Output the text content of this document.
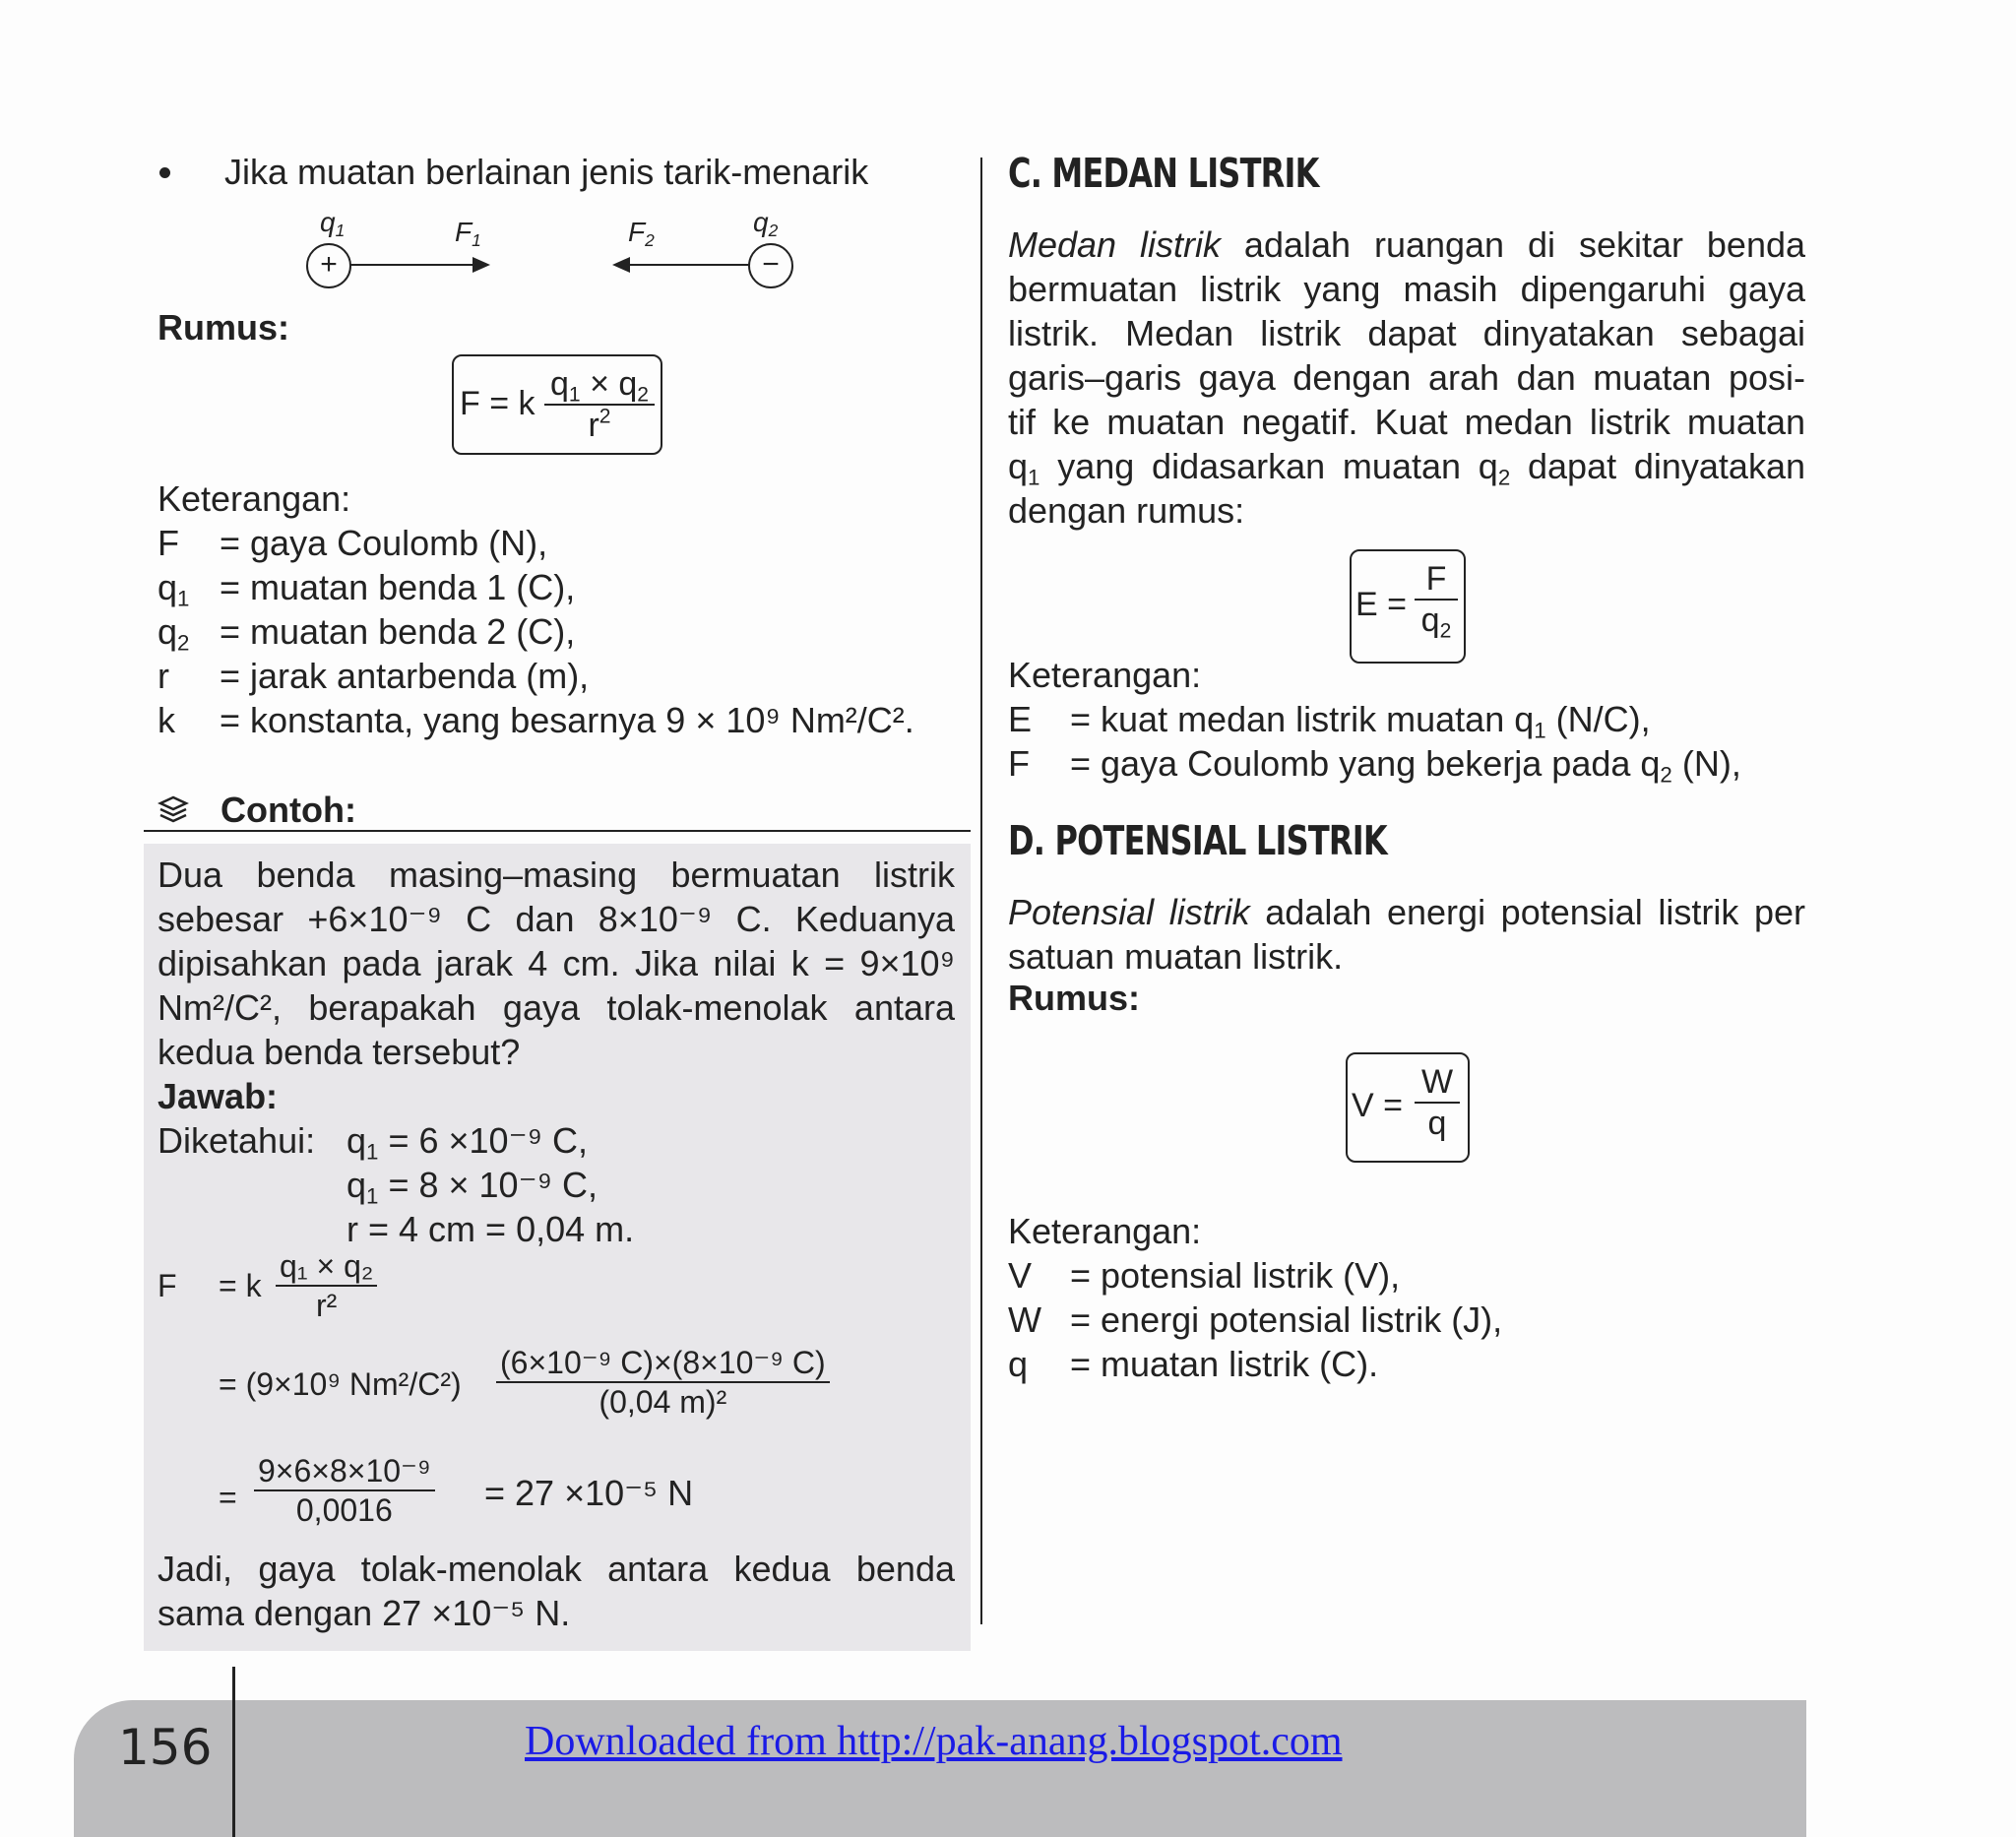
Jika muatan berlainan jenis tarik-menarik
$q_1$
+
$F_1$	$F_2$
$q_2$
−
Rumus:
F = k $\frac{q_1 \times q_2}{r^2}$
Keterangan:
F	= gaya Coulomb (N),
$q_1 = muatan$ benda 1 (C),
$q_2 = muatan$ benda 2 (C),
r	= jarak antarbenda (m),
k	= konstanta, yang besarnya 9 × 10⁹ Nm²/C².
Contoh:
Dua benda masing–masing bermuatan listrik
sebesar +6×10⁻⁹ C dan 8×10⁻⁹ C. Keduanya
dipisahkan pada jarak 4 cm. Jika nilai k = 9×10⁹
Nm²/C², berapakah gaya tolak-menolak antara
kedua benda tersebut?
Jawab:
Diketahui: $q_1 = 6 \times 10^{-9}$ C,
$q_1 = 8 \times 10^{-9}$ C,
r = 4 cm = 0,04 m.
F = k $\frac{\text{q₁ × q₂}}{\text{r²}}$
= (9×10⁹ $Nm^2/C^2) \frac{\text{(6×10⁻⁹ C)×(8×10⁻⁹ C)}}{\text{(0,04 m)²}}$
= $\frac{\text{9×6×8×10⁻⁹}}{0,0016} = 27 \times 10^{-5}$ N
Jadi, gaya tolak-menolak antara kedua benda
sama dengan 27 ×10⁻⁵ N.
C. MEDAN LISTRIK
Medan listrik adalah ruangan di sekitar benda
bermuatan listrik yang masih dipengaruhi gaya
listrik. Medan listrik dapat dinyatakan sebagai
garis–garis gaya dengan arah dan muatan posi-
tif ke muatan negatif. Kuat medan listrik muatan
$q_1$ yang didasarkan muatan $q_2$ dapat dinyatakan
dengan rumus:
$E = \frac{F}{q_2}$
Keterangan:
E	= kuat medan listrik muatan $q_1$ (N/C),
F	= gaya Coulomb yang bekerja pada $q_2$ (N),
D. POTENSIAL LISTRIK
Potensial listrik adalah energi potensial listrik per
satuan muatan listrik.
Rumus:
$V = \frac{W}{q}$
Keterangan:
V	= potensial listrik (V),
W = energi potensial listrik (J),
q	= muatan listrik (C).
156	Downloaded from http://pak-anang.blogspot.com
